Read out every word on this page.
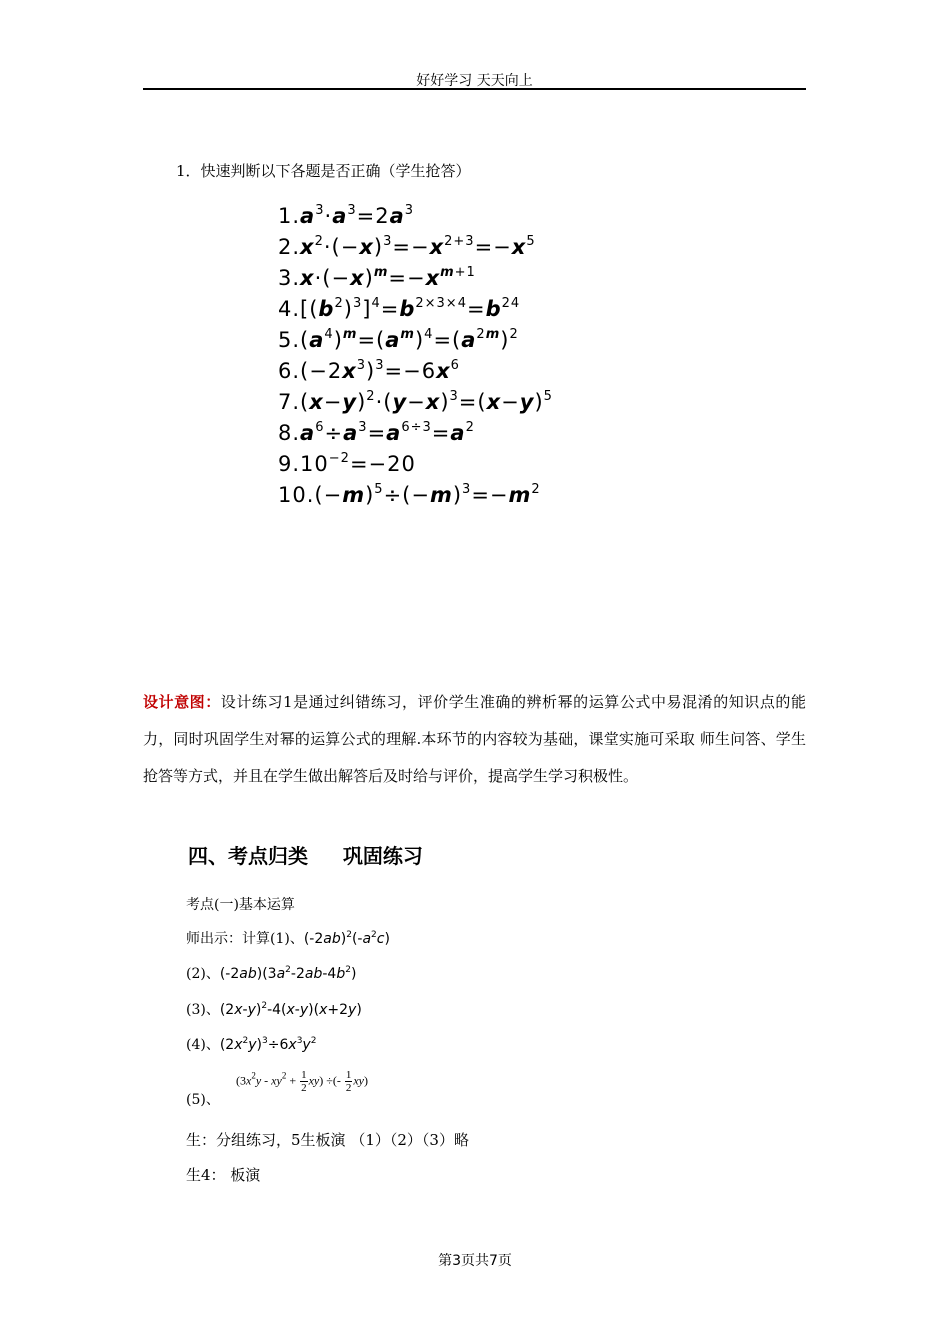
好好学习 天天向上
1．快速判断以下各题是否正确（学生抢答）
$1.a^3\cdot a^3=2a^3$
$2.x^2\cdot(-x)^3=-x^{2+3}=-x^5$
$3.x\cdot(-x)^m=-x^{m+1}$
$4.[(b^2)^3]^4=b^{2\times 3\times 4}=b^{24}$
$5.(a^4)^m=(a^m)^4=(a^{2m})^2$
$6.(-2x^3)^3=-6x^6$
$7.(x-y)^2\cdot(y-x)^3=(x-y)^5$
$8.a^6\div a^3=a^{6\div 3}=a^2$
$9.10^{-2}=-20$
$10.(-m)^5\div(-m)^3=-m^2$
设计意图：设计练习1是通过纠错练习，评价学生准确的辨析幂的运算公式中易混淆的知识点的能力，同时巩固学生对幂的运算公式的理解.本环节的内容较为基础，课堂实施可采取 师生问答、学生抢答等方式，并且在学生做出解答后及时给与评价，提高学生学习积极性。
四、考点归类     巩固练习
考点(一)基本运算
师出示：计算(1)、$(-2ab)^2(-a^2c)$
(2)、$(-2ab)(3a^2-2ab-4b^2)$
(3)、$(2x-y)^2-4(x-y)(x+2y)$
(4)、$(2x^2y)^3\div 6x^3y^2$
(5)、
$(3x^2y - xy^2 + \frac{1}{2} xy)$ ÷(- $\frac{1}{2} xy$)
生：分组练习，5生板演 （1）（2）（3）略
生4： 板演
第3页共7页
